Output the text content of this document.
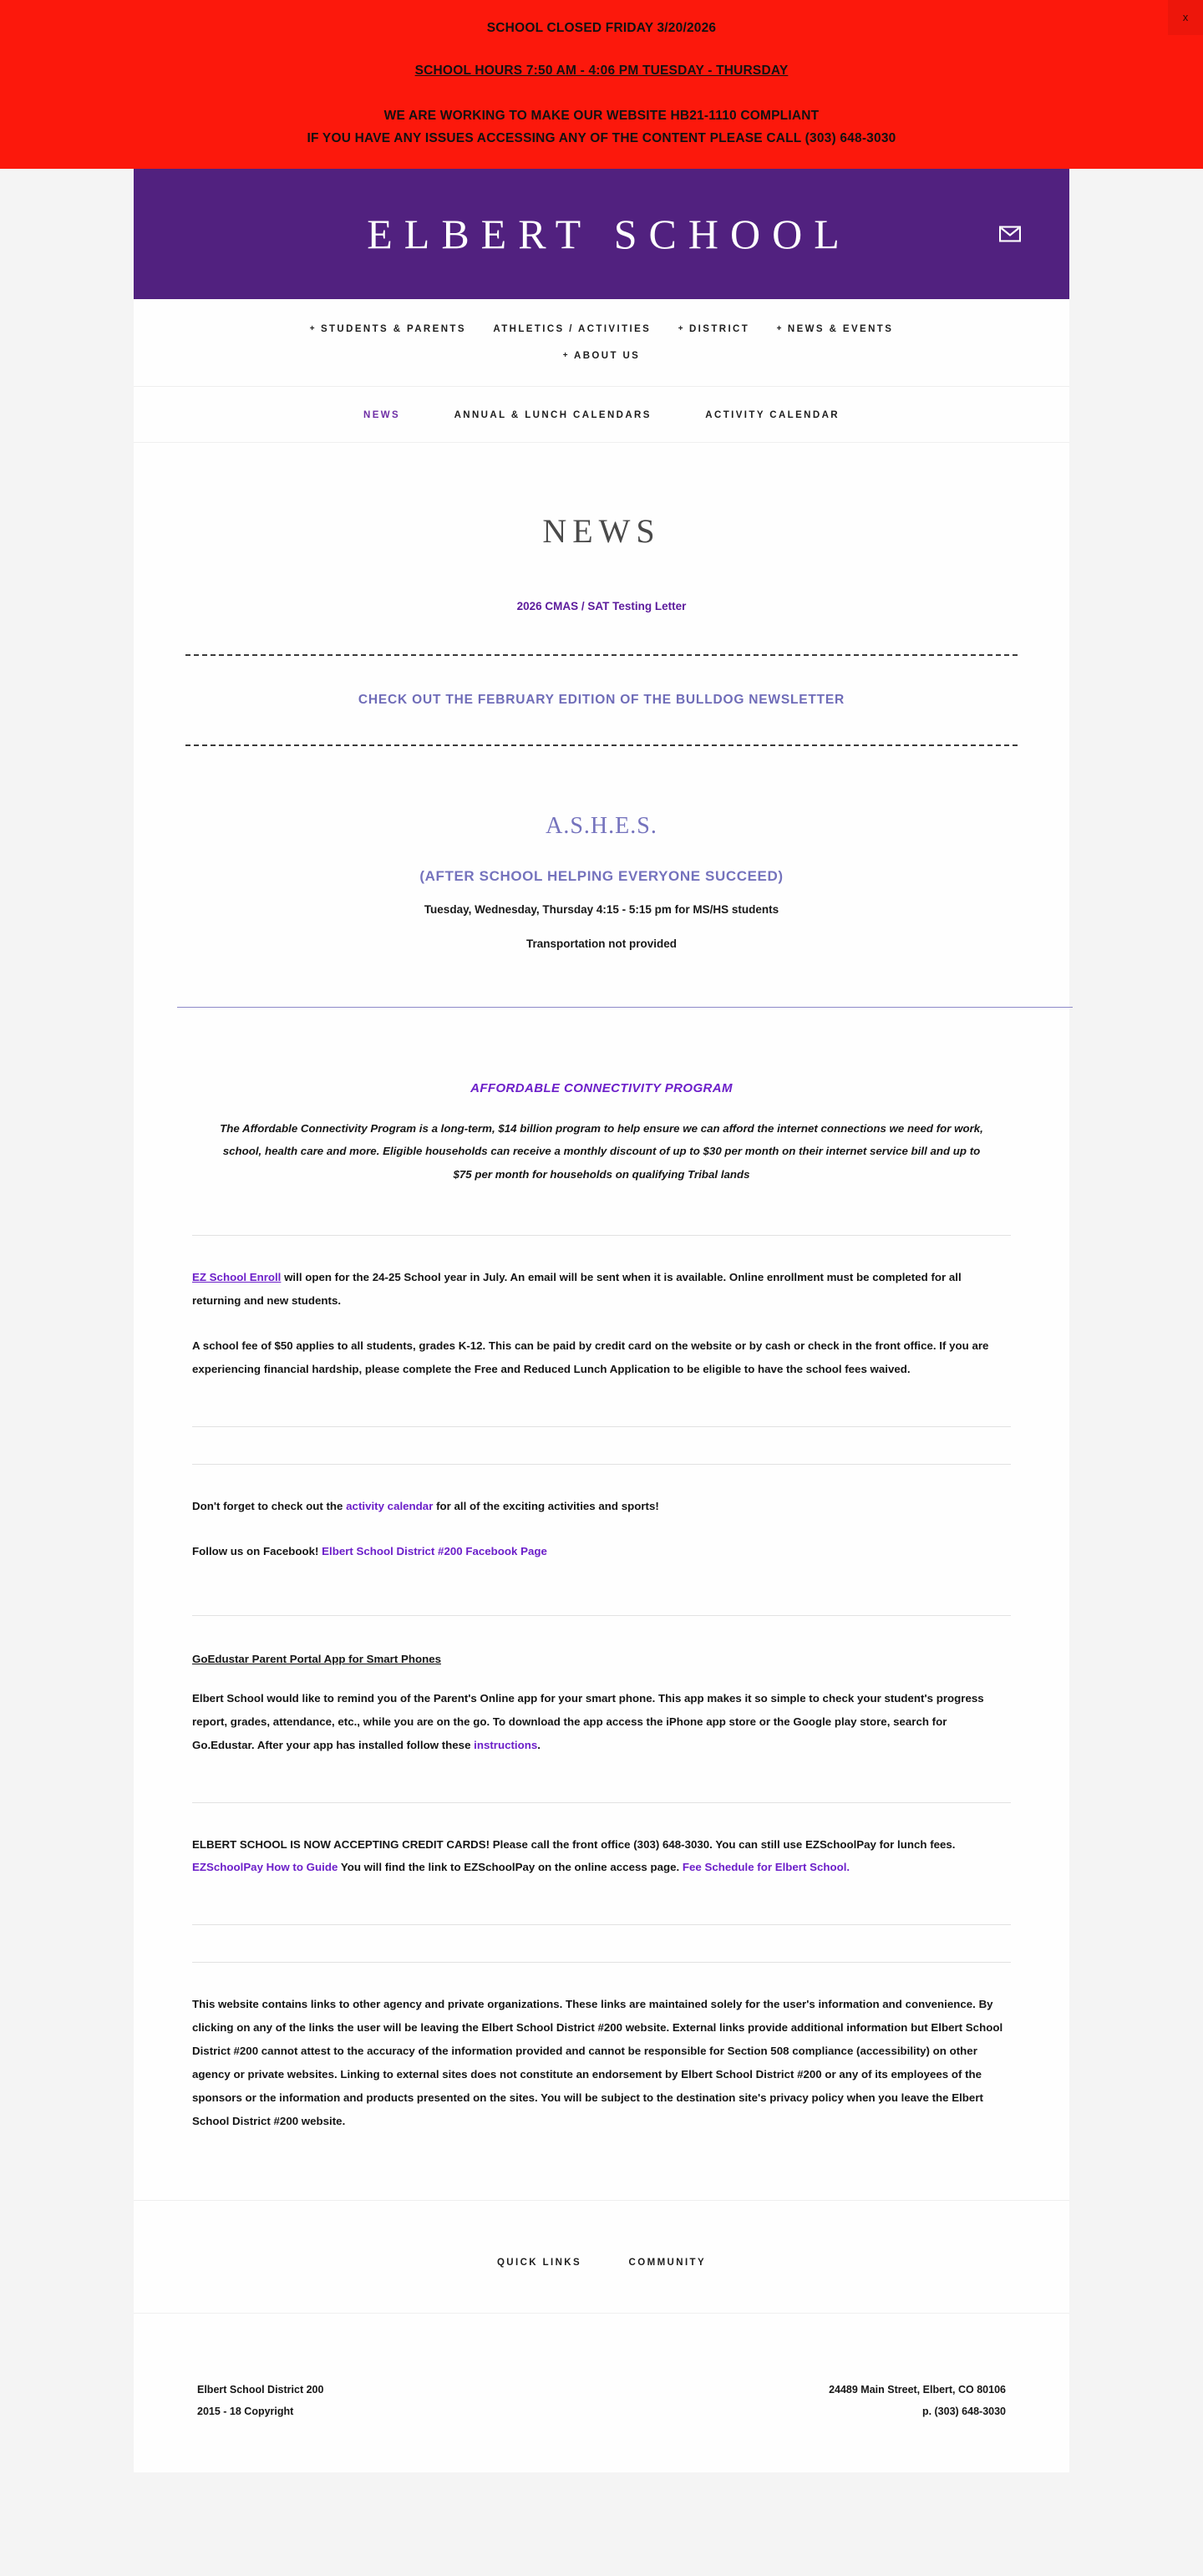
SCHOOL CLOSED FRIDAY 3/20/2026
SCHOOL HOURS 7:50 AM - 4:06 PM TUESDAY - THURSDAY
WE ARE WORKING TO MAKE OUR WEBSITE HB21-1110 COMPLIANT
IF YOU HAVE ANY ISSUES ACCESSING ANY OF THE CONTENT PLEASE CALL (303) 648-3030
x
ELBERT SCHOOL
+ STUDENTS & PARENTS	ATHLETICS / ACTIVITIES	+ DISTRICT	+ NEWS & EVENTS
+ ABOUT US
NEWS	ANNUAL & LUNCH CALENDARS	ACTIVITY CALENDAR
NEWS
2026 CMAS / SAT Testing Letter
CHECK OUT THE FEBRUARY EDITION OF THE BULLDOG NEWSLETTER
A.S.H.E.S.
(AFTER SCHOOL HELPING EVERYONE SUCCEED)
Tuesday, Wednesday, Thursday 4:15 - 5:15 pm for MS/HS students
Transportation not provided
AFFORDABLE CONNECTIVITY PROGRAM
The Affordable Connectivity Program is a long-term, $14 billion program to help ensure we can afford the internet connections we need for work, school, health care and more. Eligible households can receive a monthly discount of up to $30 per month on their internet service bill and up to $75 per month for households on qualifying Tribal lands

EZ School Enroll will open for the 24-25 School year in July. An email will be sent when it is available. Online enrollment must be completed for all returning and new students.

A school fee of $50 applies to all students, grades K-12. This can be paid by credit card on the website or by cash or check in the front office. If you are experiencing financial hardship, please complete the Free and Reduced Lunch Application to be eligible to have the school fees waived.

Don't forget to check out the activity calendar for all of the exciting activities and sports!

Follow us on Facebook! Elbert School District #200 Facebook Page

GoEdustar Parent Portal App for Smart Phones

Elbert School would like to remind you of the Parent's Online app for your smart phone. This app makes it so simple to check your student's progress report, grades, attendance, etc., while you are on the go. To download the app access the iPhone app store or the Google play store, search for Go.Edustar. After your app has installed follow these instructions.

ELBERT SCHOOL IS NOW ACCEPTING CREDIT CARDS! Please call the front office (303) 648-3030. You can still use EZSchoolPay for lunch fees. EZSchoolPay How to Guide You will find the link to EZSchoolPay on the online access page. Fee Schedule for Elbert School.

This website contains links to other agency and private organizations. These links are maintained solely for the user's information and convenience. By clicking on any of the links the user will be leaving the Elbert School District #200 website. External links provide additional information but Elbert School District #200 cannot attest to the accuracy of the information provided and cannot be responsible for Section 508 compliance (accessibility) on other agency or private websites. Linking to external sites does not constitute an endorsement by Elbert School District #200 or any of its employees of the sponsors or the information and products presented on the sites. You will be subject to the destination site's privacy policy when you leave the Elbert School District #200 website.

QUICK LINKS	COMMUNITY
Elbert School District 200
2015 - 18 Copyright
24489 Main Street, Elbert, CO 80106
p. (303) 648-3030
